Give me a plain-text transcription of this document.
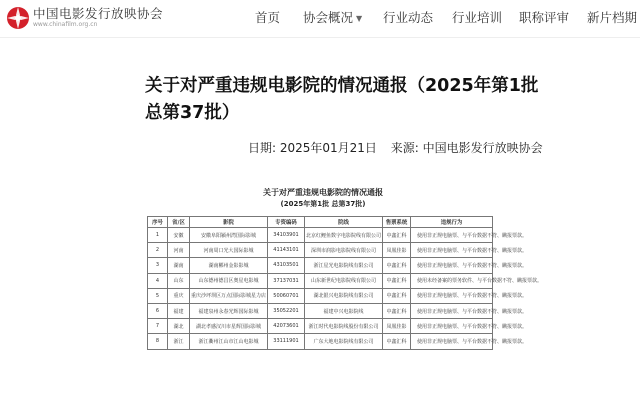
中国电影发行放映协会
www.chinafilm.org.cn	首页 协会概况 ▼ 行业动态 行业培训 职称评审 新片档期
关于对严重违规电影院的情况通报（2025年第1批 总第37批）
日期: 2025年01月21日 来源: 中国电影发行放映协会
关于对严重违规电影院的情况通报
(2025年第1批 总第37批)
序号	省/区	影院	专资编码	院线	售票系统	违规行为
1	安徽	安徽阜阳颍州湾国际影城	34103901	北京红鲤鱼数字电影院线有限公司	中鑫汇科	使用非正规电脑票、与平台数据不符、瞒报票款。
2	河南	河南周口光大国际影城	41143101	深圳市润影电影院线有限公司	凤凰佳影	使用非正规电脑票、与平台数据不符、瞒报票款。
3	湖南	湖南郴州金影影城	43103501	浙江星光电影院线有限公司	中鑫汇科	使用非正规电脑票、与平台数据不符、瞒报票款。
4	山东	山东德州德昌区奥星电影城	37137031	山东新世纪电影院线有限公司	中鑫汇科	使用未经备案的票务软件、与平台数据不符、瞒报票款。
5	重庆	重庆沙坪坝区万点国际影城星力店	50060701	湖北银兴电影院线有限公司	中鑫汇科	使用非正规电脑票、与平台数据不符、瞒报票款。
6	福建	福建泉州永春光辉国际影城	35052201	福建中兴电影院线	中鑫汇科	使用非正规电脑票、与平台数据不符、瞒报票款。
7	湖北	湖北孝感汉川市星辉国际影城	42073601	浙江时代电影院线股份有限公司	凤凰佳影	使用非正规电脑票、与平台数据不符、瞒报票款。
8	浙江	浙江衢州江山市江山电影城	33111901	广东大地电影院线有限公司	中鑫汇科	使用非正规电脑票、与平台数据不符、瞒报票款。
